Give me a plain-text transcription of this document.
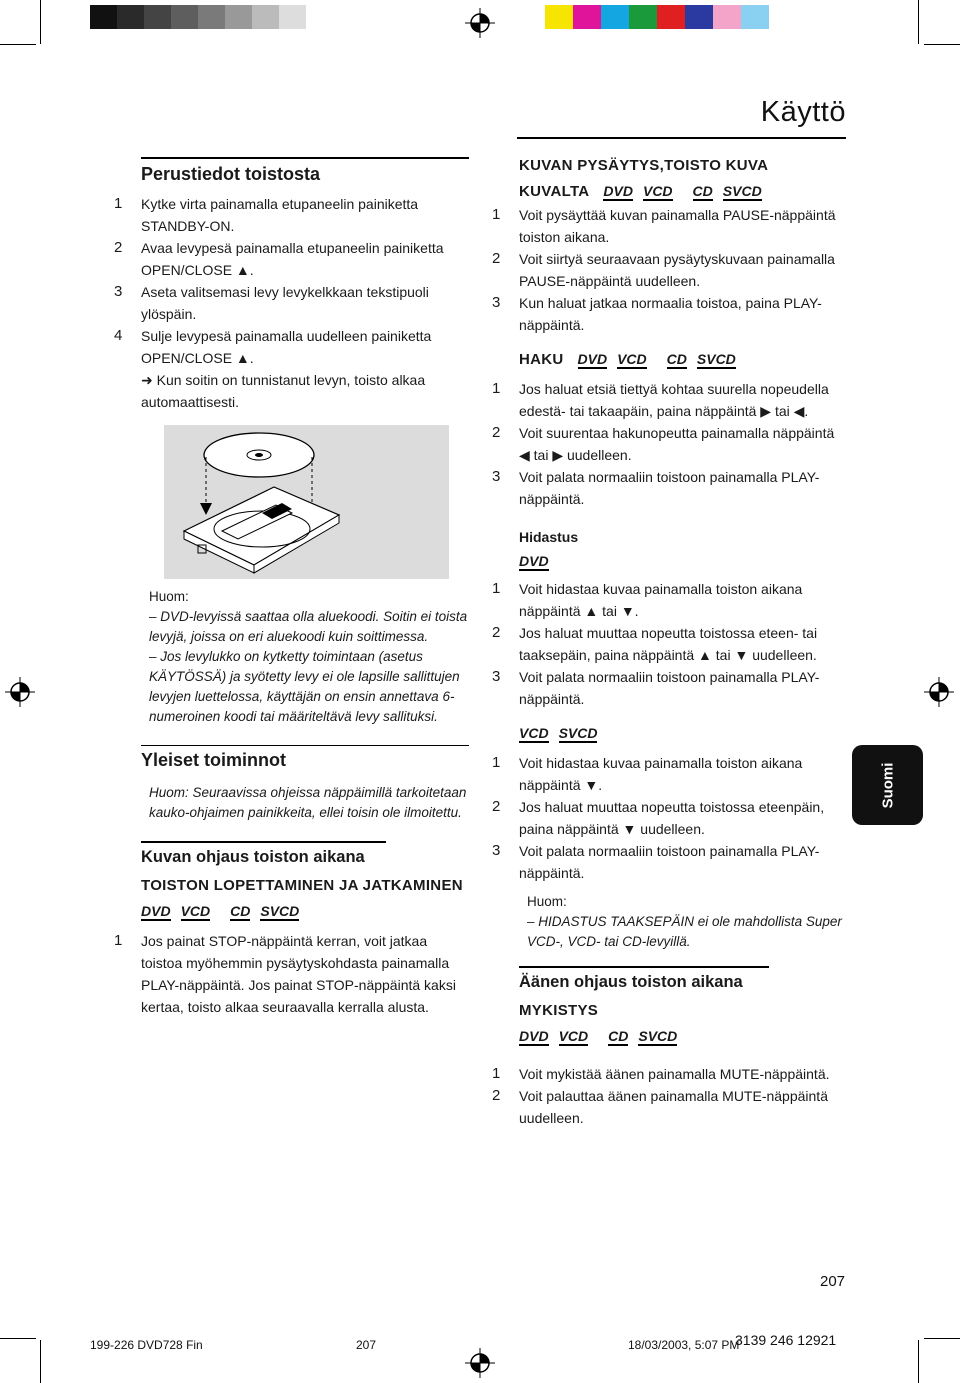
Käyttö
Perustiedot toistosta
1	Kytke virta painamalla etupaneelin painiketta STANDBY-ON.
2	Avaa levypesä painamalla etupaneelin painiketta OPEN/CLOSE ▲.
3	Aseta valitsemasi levy levykelkkaan tekstipuoli ylöspäin.
4	Sulje levypesä painamalla uudelleen painiketta OPEN/CLOSE ▲.
➜ Kun soitin on tunnistanut levyn, toisto alkaa automaattisesti.
Huom:
– DVD-levyissä saattaa olla aluekoodi. Soitin ei toista levyjä, joissa on eri aluekoodi kuin soittimessa.
– Jos levylukko on kytketty toimintaan (asetus KÄYTÖSSÄ) ja syötetty levy ei ole lapsille sallittujen levyjen luettelossa, käyttäjän on ensin annettava 6-numeroinen koodi tai määriteltävä levy sallituksi.
Yleiset toiminnot
Huom: Seuraavissa ohjeissa näppäimillä tarkoitetaan kauko-ohjaimen painikkeita, ellei toisin ole ilmoitettu.
Kuvan ohjaus toiston aikana
TOISTON LOPETTAMINEN JA JATKAMINEN
DVD VCD CD SVCD
1	Jos painat STOP-näppäintä kerran, voit jatkaa toistoa myöhemmin pysäytyskohdasta painamalla PLAY-näppäintä. Jos painat STOP-näppäintä kaksi kertaa, toisto alkaa seuraavalla kerralla alusta.
KUVAN PYSÄYTYS,TOISTO KUVA
KUVALTA DVD VCD CD SVCD
1	Voit pysäyttää kuvan painamalla PAUSE-näppäintä toiston aikana.
2	Voit siirtyä seuraavaan pysäytyskuvaan painamalla PAUSE-näppäintä uudelleen.
3	Kun haluat jatkaa normaalia toistoa, paina PLAY-näppäintä.
HAKU DVD VCD CD SVCD
1	Jos haluat etsiä tiettyä kohtaa suurella nopeudella edestä- tai takaapäin, paina näppäintä ▶ tai ◀.
2	Voit suurentaa hakunopeutta painamalla näppäintä ◀ tai ▶ uudelleen.
3	Voit palata normaaliin toistoon painamalla PLAY-näppäintä.
Hidastus
DVD
1	Voit hidastaa kuvaa painamalla toiston aikana näppäintä ▲ tai ▼.
2	Jos haluat muuttaa nopeutta toistossa eteen- tai taaksepäin, paina näppäintä ▲ tai ▼ uudelleen.
3	Voit palata normaaliin toistoon painamalla PLAY-näppäintä.
VCD SVCD
1	Voit hidastaa kuvaa painamalla toiston aikana näppäintä ▼.
2	Jos haluat muuttaa nopeutta toistossa eteenpäin, paina näppäintä ▼ uudelleen.
3	Voit palata normaaliin toistoon painamalla PLAY-näppäintä.
Huom:
– HIDASTUS TAAKSEPÄIN ei ole mahdollista Super VCD-, VCD- tai CD-levyillä.
Äänen ohjaus toiston aikana
MYKISTYS
DVD VCD CD SVCD
1	Voit mykistää äänen painamalla MUTE-näppäintä.
2	Voit palauttaa äänen painamalla MUTE-näppäintä uudelleen.
Suomi
207
199-226 DVD728 Fin	207	18/03/2003, 5:07 PM
3139 246 12921
